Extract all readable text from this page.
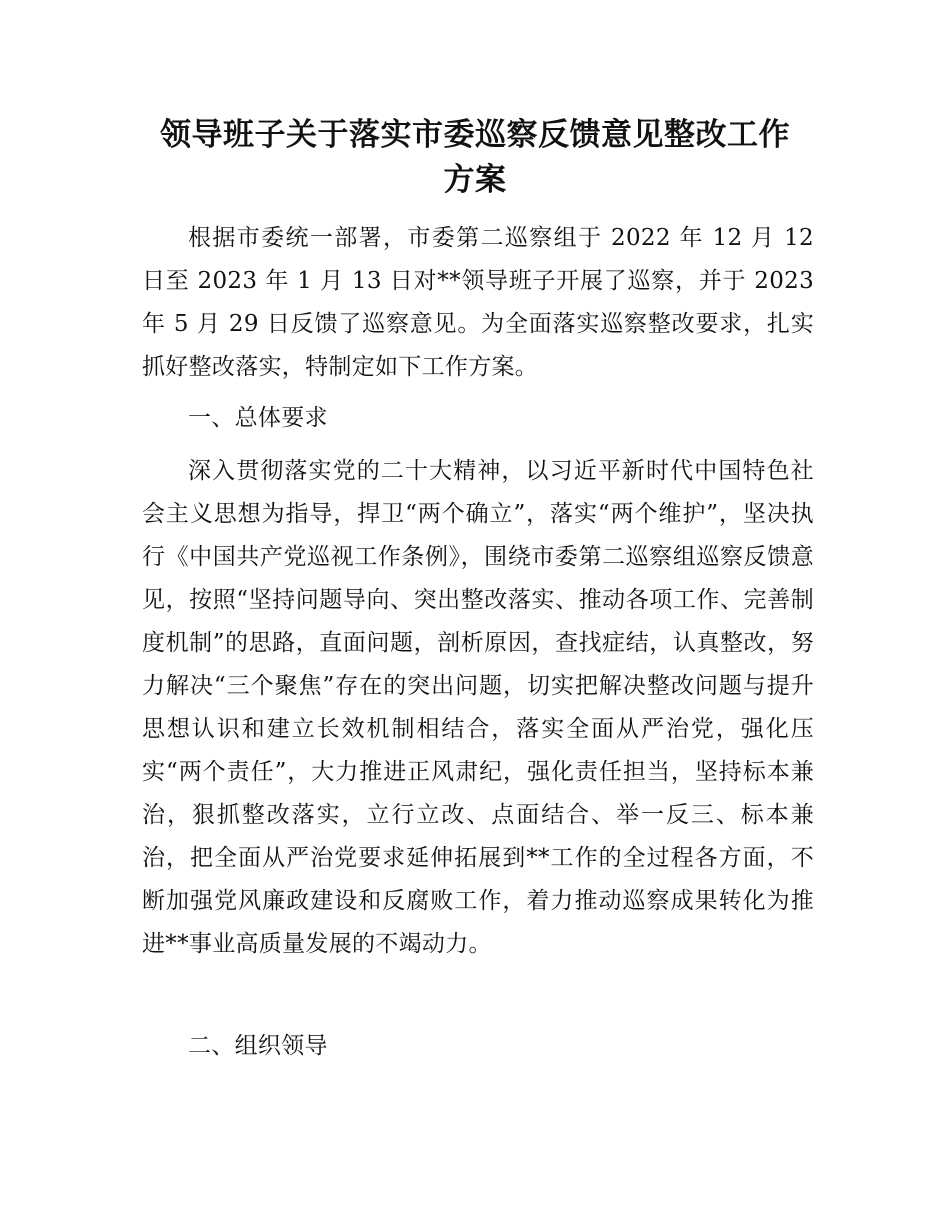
领导班子关于落实市委巡察反馈意见整改工作
方案

根据市委统一部署，市委第二巡察组于 2022 年 12 月 12 日至 2023 年 1 月 13 日对**领导班子开展了巡察，并于 2023 年 5 月 29 日反馈了巡察意见。为全面落实巡察整改要求，扎实抓好整改落实，特制定如下工作方案。

一、总体要求

深入贯彻落实党的二十大精神，以习近平新时代中国特色社会主义思想为指导，捍卫“两个确立”，落实“两个维护”，坚决执行《中国共产党巡视工作条例》，围绕市委第二巡察组巡察反馈意见，按照“坚持问题导向、突出整改落实、推动各项工作、完善制度机制”的思路，直面问题，剖析原因，查找症结，认真整改，努力解决“三个聚焦”存在的突出问题，切实把解决整改问题与提升思想认识和建立长效机制相结合，落实全面从严治党，强化压实“两个责任”，大力推进正风肃纪，强化责任担当，坚持标本兼治，狠抓整改落实，立行立改、点面结合、举一反三、标本兼治，把全面从严治党要求延伸拓展到**工作的全过程各方面，不断加强党风廉政建设和反腐败工作，着力推动巡察成果转化为推进**事业高质量发展的不竭动力。

二、组织领导
